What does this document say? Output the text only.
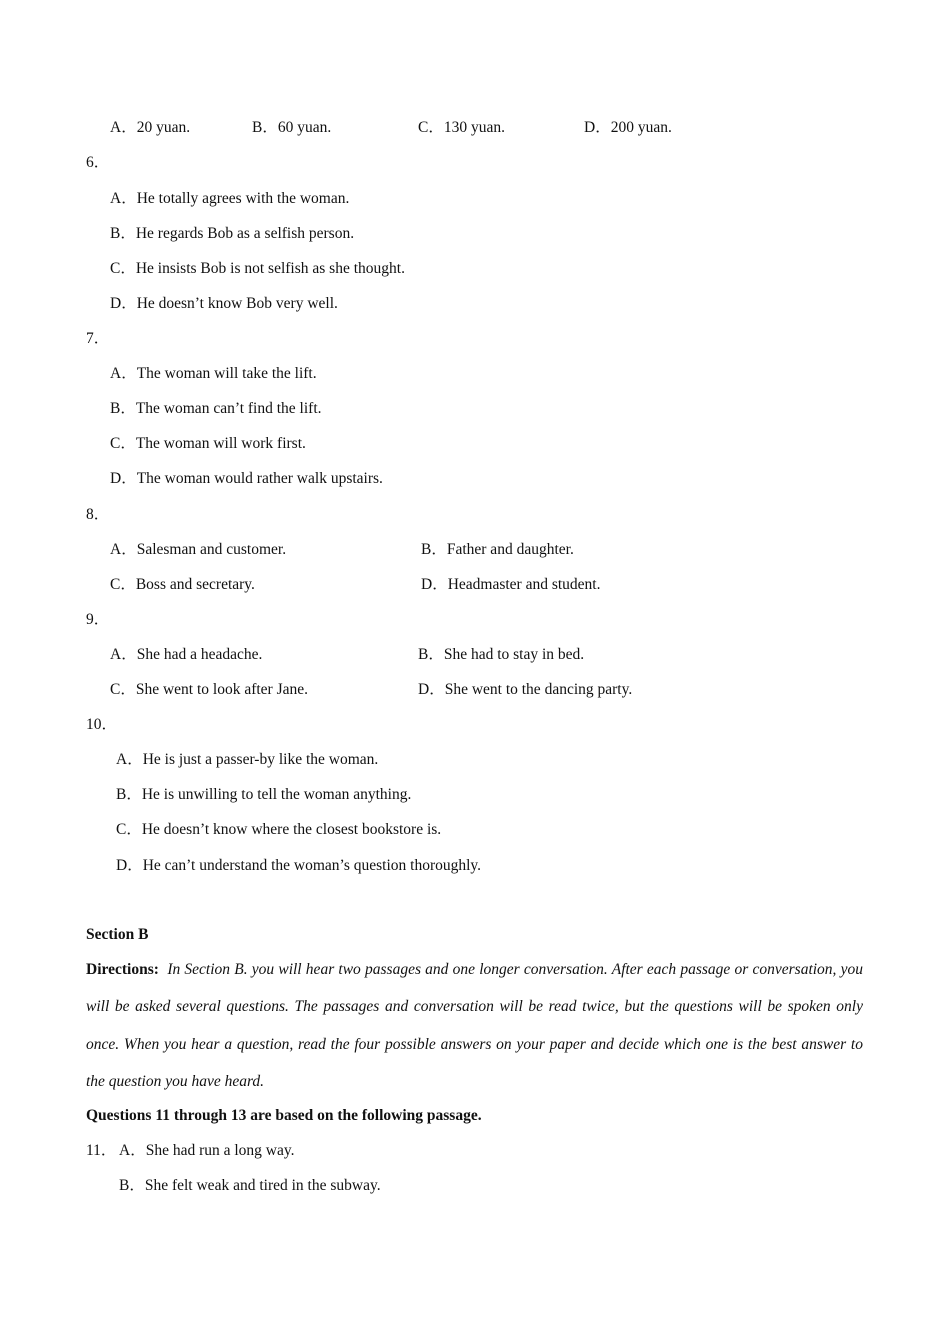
A．20 yuan.	B．60 yuan.	C．130 yuan.	D．200 yuan.
6．
A．He totally agrees with the woman.
B．He regards Bob as a selfish person.
C．He insists Bob is not selfish as she thought.
D．He doesn’t know Bob very well.
7．
A．The woman will take the lift.
B．The woman can’t find the lift.
C．The woman will work first.
D．The woman would rather walk upstairs.
8．
A．Salesman and customer.	B．Father and daughter.
C．Boss and secretary.	D．Headmaster and student.
9．
A．She had a headache.	B．She had to stay in bed.
C．She went to look after Jane.	D．She went to the dancing party.
10．
A．He is just a passer-by like the woman.
B．He is unwilling to tell the woman anything.
C．He doesn’t know where the closest bookstore is.
D．He can’t understand the woman’s question thoroughly.
Section B
Directions: In Section B. you will hear two passages and one longer conversation. After each passage or conversation, you will be asked several questions. The passages and conversation will be read twice, but the questions will be spoken only once. When you hear a question, read the four possible answers on your paper and decide which one is the best answer to the question you have heard.
Questions 11 through 13 are based on the following passage.
11． A．She had run a long way.
B．She felt weak and tired in the subway.
